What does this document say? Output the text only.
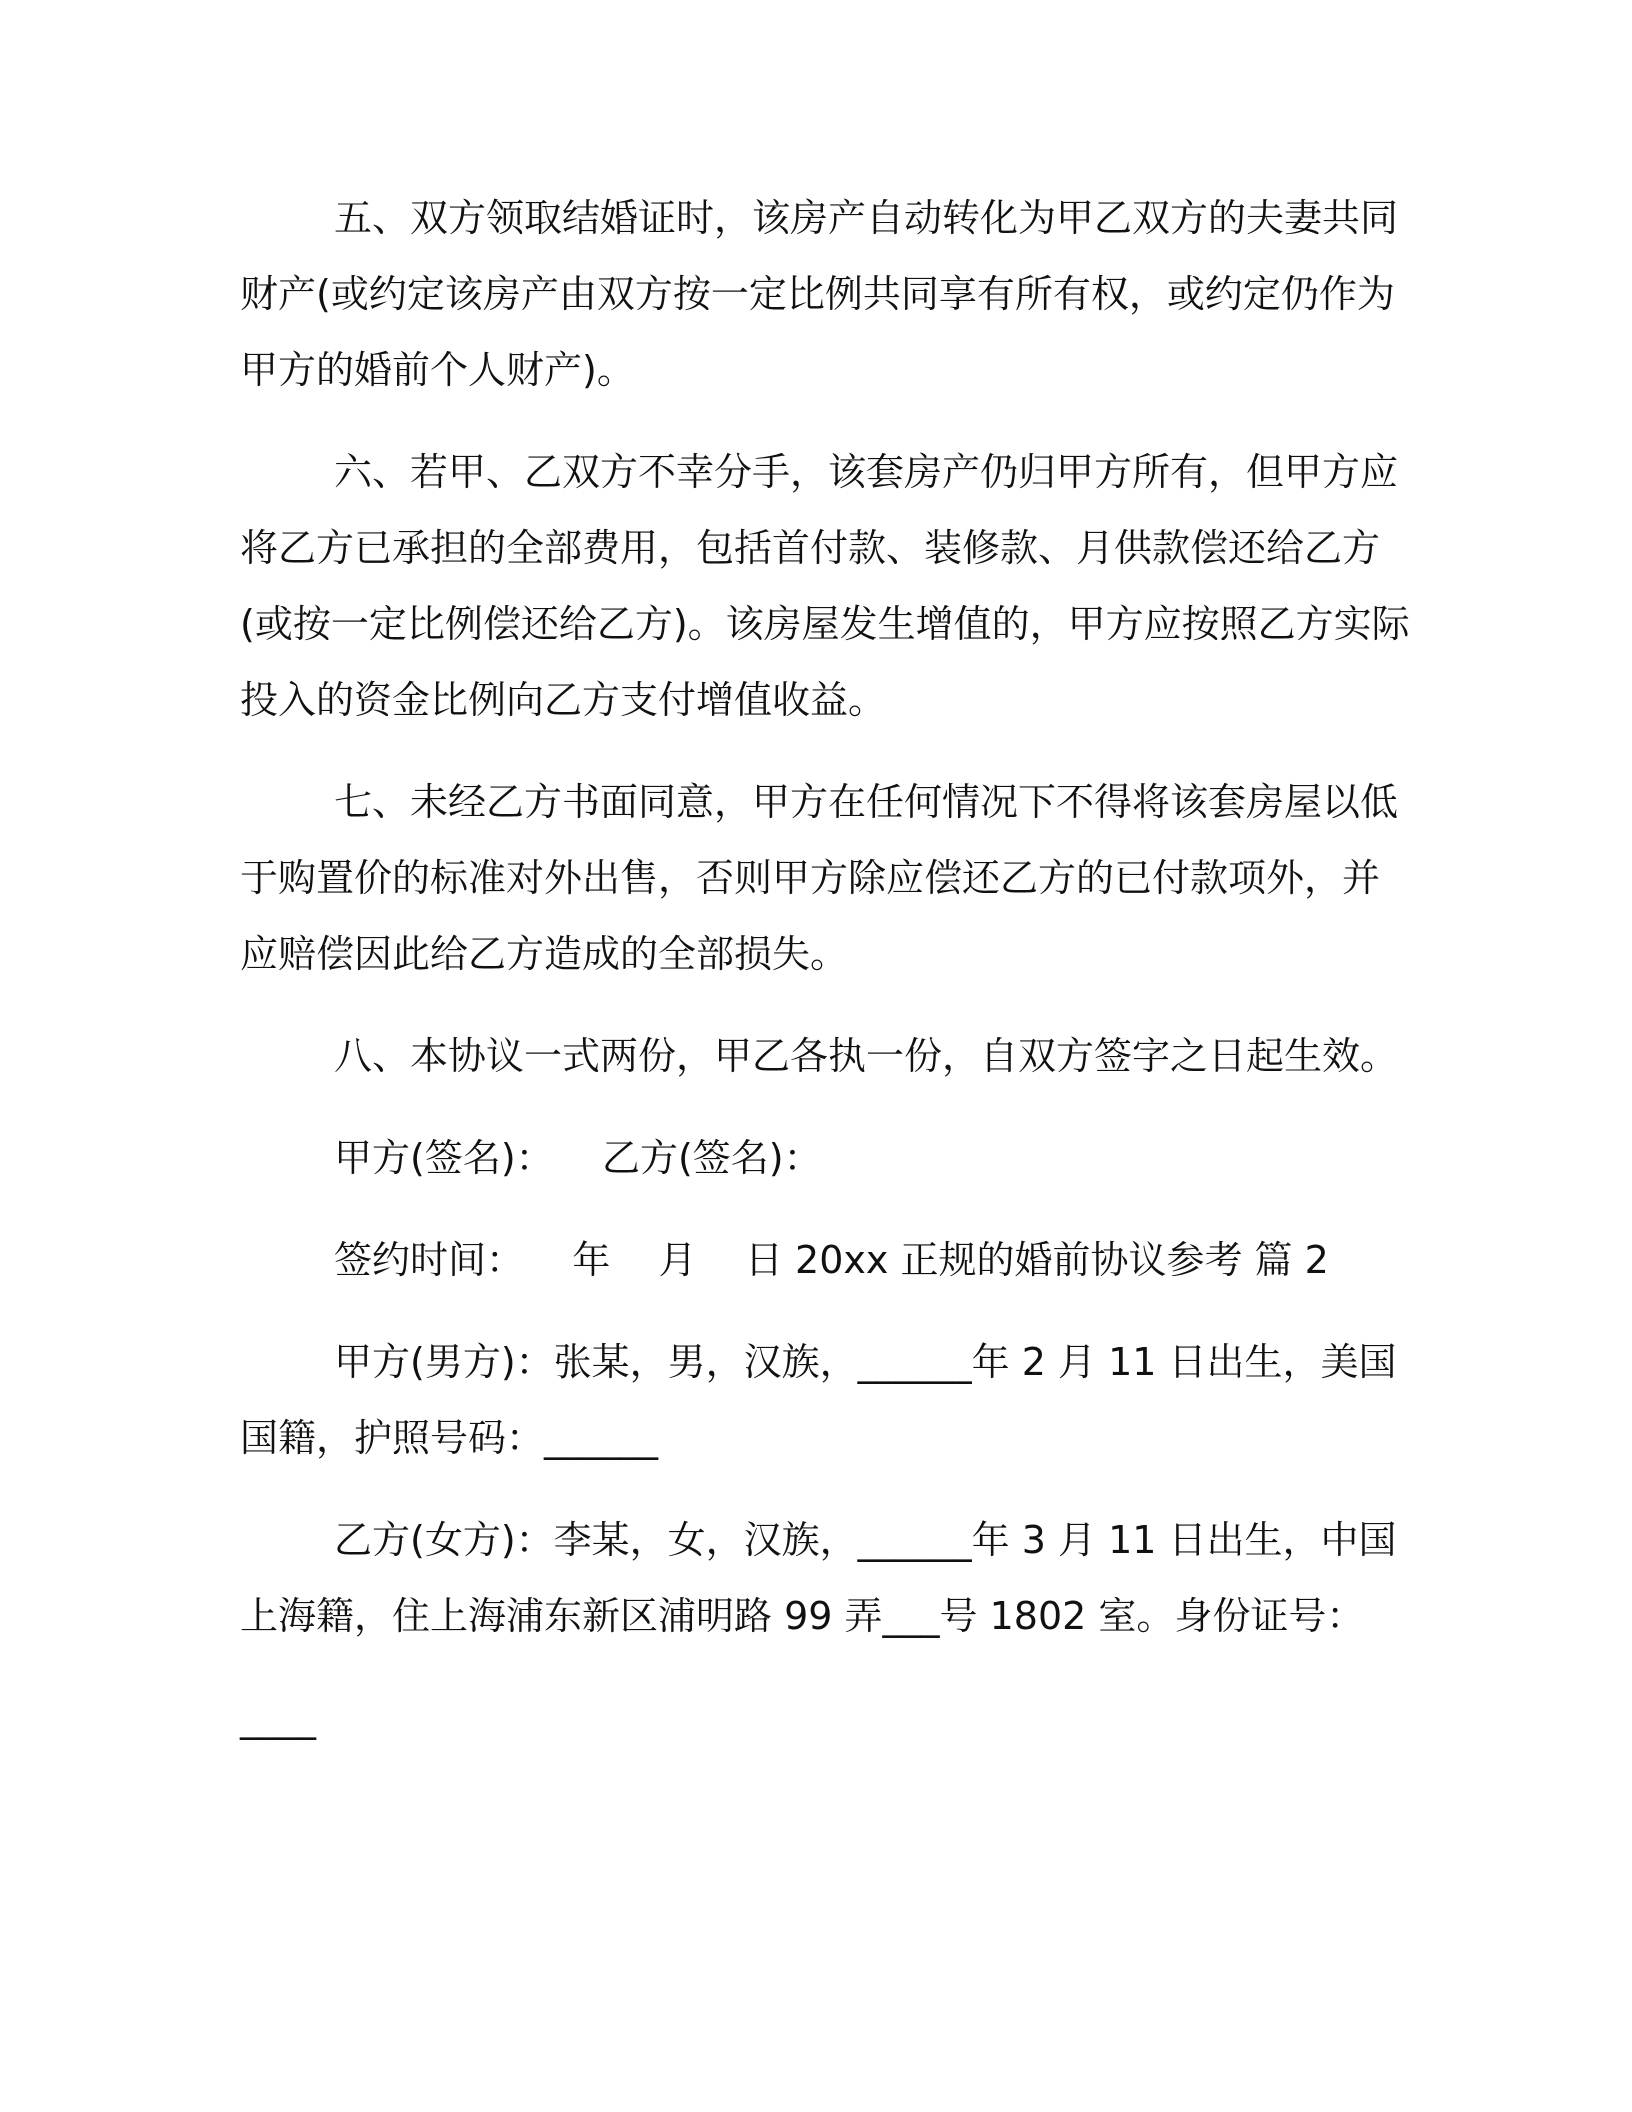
五、双方领取结婚证时，该房产自动转化为甲乙双方的夫妻共同
财产(或约定该房产由双方按一定比例共同享有所有权，或约定仍作为
甲方的婚前个人财产)。
六、若甲、乙双方不幸分手，该套房产仍归甲方所有，但甲方应
将乙方已承担的全部费用，包括首付款、装修款、月供款偿还给乙方
(或按一定比例偿还给乙方)。该房屋发生增值的，甲方应按照乙方实际
投入的资金比例向乙方支付增值收益。
七、未经乙方书面同意，甲方在任何情况下不得将该套房屋以低
于购置价的标准对外出售，否则甲方除应偿还乙方的已付款项外，并
应赔偿因此给乙方造成的全部损失。
八、本协议一式两份，甲乙各执一份，自双方签字之日起生效。
甲方(签名)：    乙方(签名)：
签约时间：    年    月    日 20xx 正规的婚前协议参考 篇 2
甲方(男方)：张某，男，汉族，______年 2 月 11 日出生，美国
国籍，护照号码：______
乙方(女方)：李某，女，汉族，______年 3 月 11 日出生，中国
上海籍，住上海浦东新区浦明路 99 弄___号 1802 室。身份证号：
____
